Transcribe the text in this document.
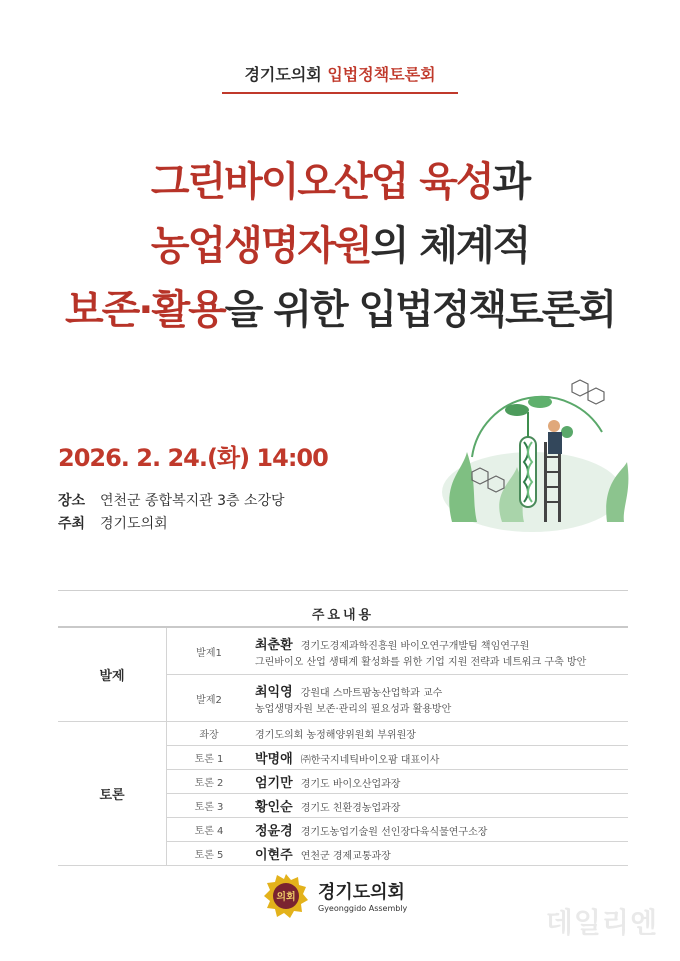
경기도의회 입법정책토론회
그린바이오산업 육성과
농업생명자원의 체계적
보존·활용을 위한 입법정책토론회
2026. 2. 24.(화) 14:00
장소 연천군 종합복지관 3층 소강당
주최 경기도의회
주요내용
발제	발제1	최춘환 경기도경제과학진흥원 바이오연구개발팀 책임연구원
그린바이오 산업 생태계 활성화를 위한 기업 지원 전략과 네트워크 구축 방안
	발제2	최익영 강원대 스마트팜농산업학과 교수
농업생명자원 보존·관리의 필요성과 활용방안
토론	좌장	경기도의회 농정해양위원회 부위원장
	토론 1	박명애 ㈜한국지네틱바이오팜 대표이사
	토론 2	엄기만 경기도 바이오산업과장
	토론 3	황인순 경기도 친환경농업과장
	토론 4	정윤경 경기도농업기술원 선인장다육식물연구소장
	토론 5	이현주 연천군 경제교통과장
의회 경기도의회
Gyeonggido Assembly	데일리엔
